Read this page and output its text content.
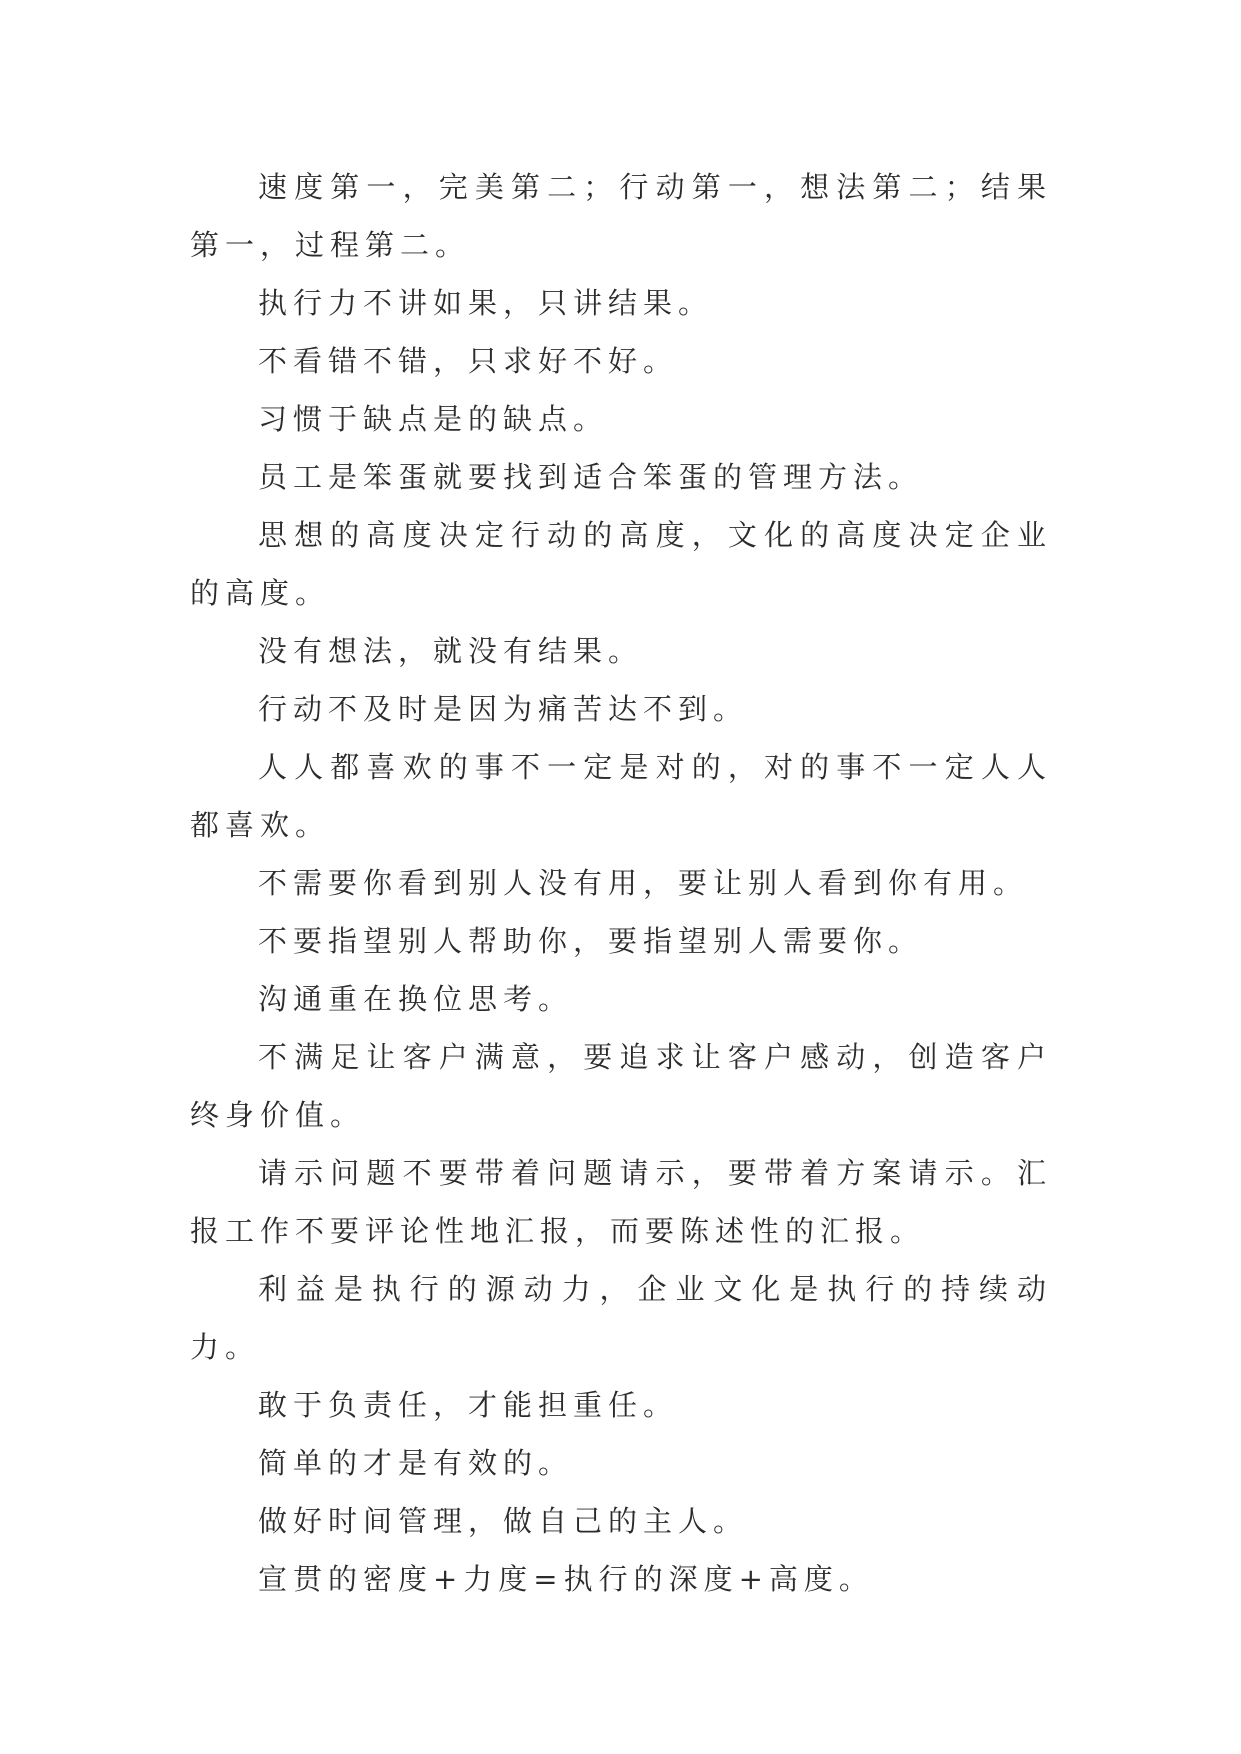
速度第一，完美第二；行动第一，想法第二；结果第一，过程第二。

执行力不讲如果，只讲结果。

不看错不错，只求好不好。

习惯于缺点是的缺点。

员工是笨蛋就要找到适合笨蛋的管理方法。

思想的高度决定行动的高度，文化的高度决定企业的高度。

没有想法，就没有结果。

行动不及时是因为痛苦达不到。

人人都喜欢的事不一定是对的，对的事不一定人人都喜欢。

不需要你看到别人没有用，要让别人看到你有用。

不要指望别人帮助你，要指望别人需要你。

沟通重在换位思考。

不满足让客户满意，要追求让客户感动，创造客户终身价值。

请示问题不要带着问题请示，要带着方案请示。汇报工作不要评论性地汇报，而要陈述性的汇报。

利益是执行的源动力，企业文化是执行的持续动力。

敢于负责任，才能担重任。

简单的才是有效的。

做好时间管理，做自己的主人。

宣贯的密度+力度=执行的深度+高度。
